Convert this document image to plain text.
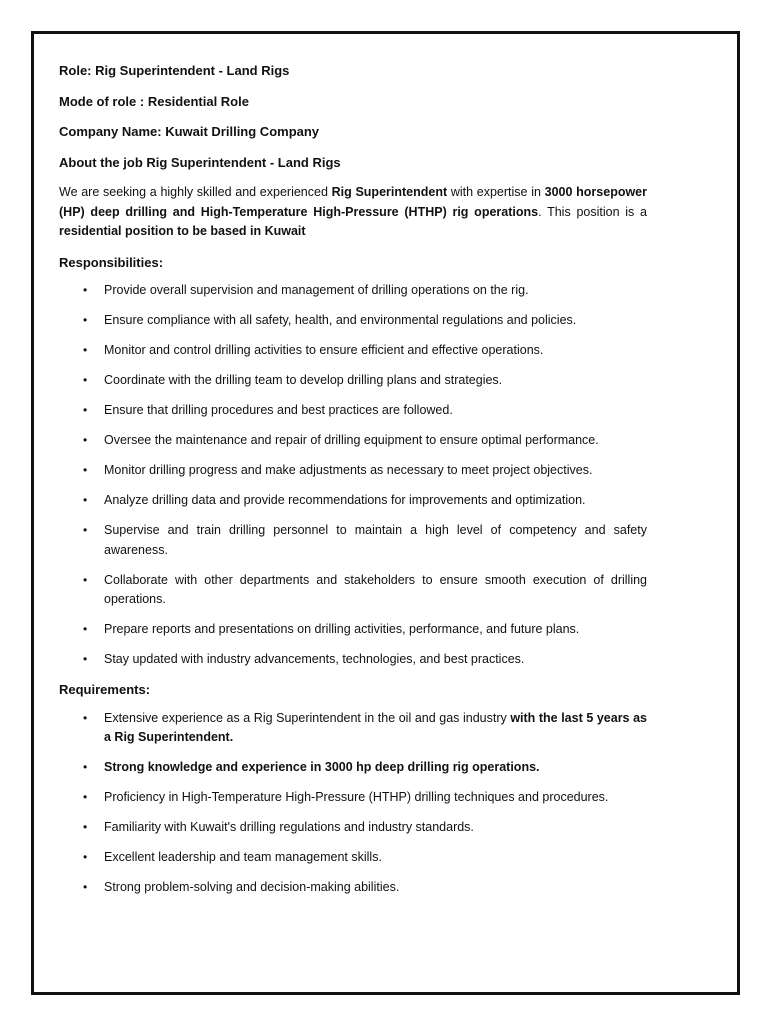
Role: Rig Superintendent - Land Rigs

Mode of role : Residential Role

Company Name: Kuwait Drilling Company

About the job Rig Superintendent - Land Rigs

We are seeking a highly skilled and experienced Rig Superintendent with expertise in 3000 horsepower (HP) deep drilling and High-Temperature High-Pressure (HTHP) rig operations. This position is a residential position to be based in Kuwait

Responsibilities:

• Provide overall supervision and management of drilling operations on the rig.
• Ensure compliance with all safety, health, and environmental regulations and policies.
• Monitor and control drilling activities to ensure efficient and effective operations.
• Coordinate with the drilling team to develop drilling plans and strategies.
• Ensure that drilling procedures and best practices are followed.
• Oversee the maintenance and repair of drilling equipment to ensure optimal performance.
• Monitor drilling progress and make adjustments as necessary to meet project objectives.
• Analyze drilling data and provide recommendations for improvements and optimization.
• Supervise and train drilling personnel to maintain a high level of competency and safety awareness.
• Collaborate with other departments and stakeholders to ensure smooth execution of drilling operations.
• Prepare reports and presentations on drilling activities, performance, and future plans.
• Stay updated with industry advancements, technologies, and best practices.

Requirements:

• Extensive experience as a Rig Superintendent in the oil and gas industry with the last 5 years as a Rig Superintendent.
• Strong knowledge and experience in 3000 hp deep drilling rig operations.
• Proficiency in High-Temperature High-Pressure (HTHP) drilling techniques and procedures.
• Familiarity with Kuwait's drilling regulations and industry standards.
• Excellent leadership and team management skills.
• Strong problem-solving and decision-making abilities.
